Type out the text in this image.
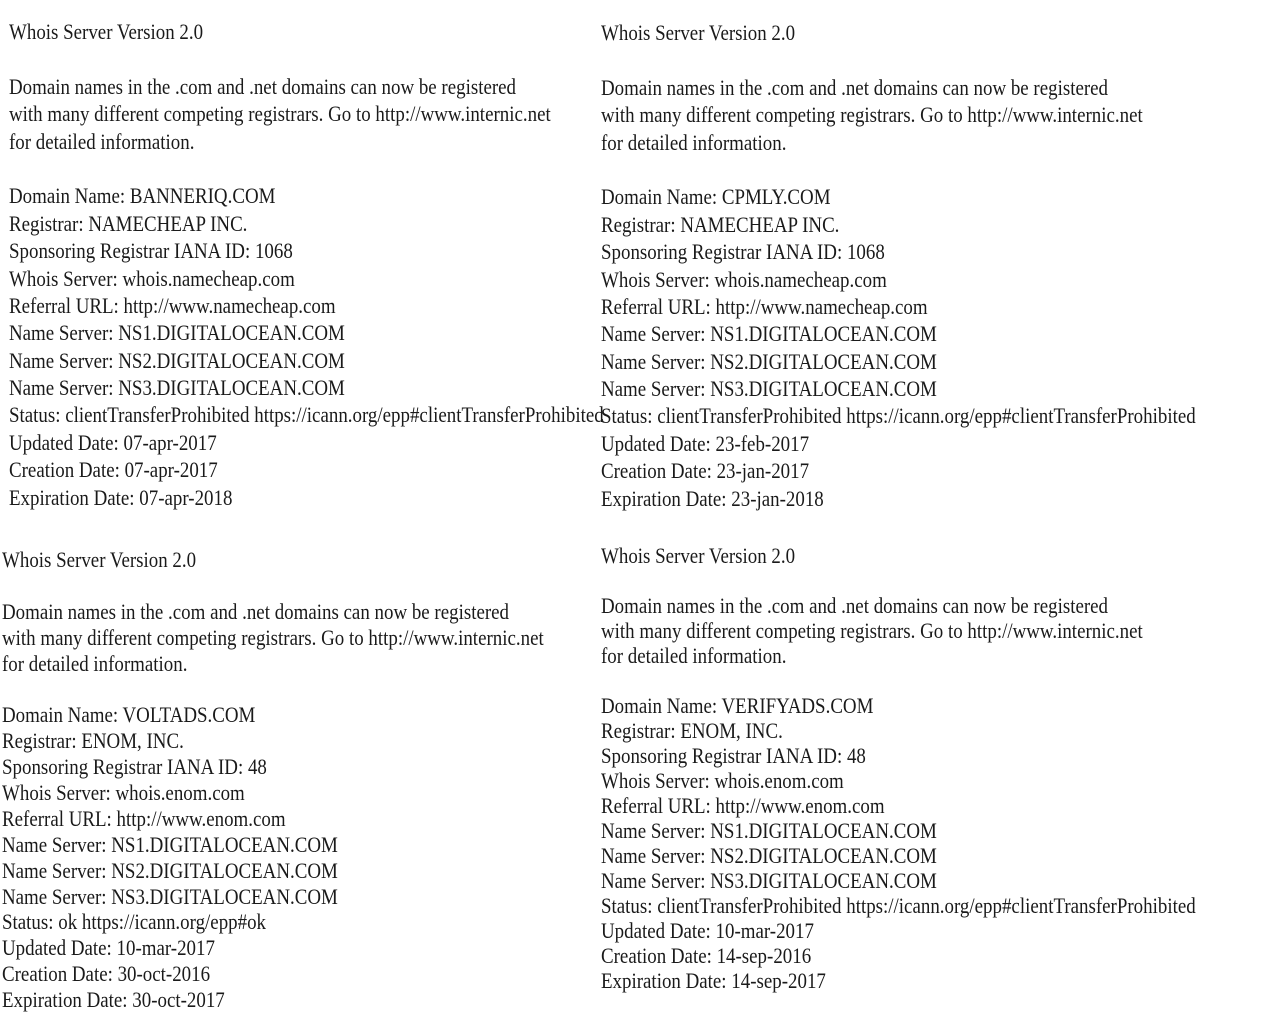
Whois Server Version 2.0
Domain names in the .com and .net domains can now be registered
with many different competing registrars. Go to http://www.internic.net
for detailed information.
Domain Name: BANNERIQ.COM
Registrar: NAMECHEAP INC.
Sponsoring Registrar IANA ID: 1068
Whois Server: whois.namecheap.com
Referral URL: http://www.namecheap.com
Name Server: NS1.DIGITALOCEAN.COM
Name Server: NS2.DIGITALOCEAN.COM
Name Server: NS3.DIGITALOCEAN.COM
Status: clientTransferProhibited https://icann.org/epp#clientTransferProhibited
Updated Date: 07-apr-2017
Creation Date: 07-apr-2017
Expiration Date: 07-apr-2018
Whois Server Version 2.0
Domain names in the .com and .net domains can now be registered
with many different competing registrars. Go to http://www.internic.net
for detailed information.
Domain Name: CPMLY.COM
Registrar: NAMECHEAP INC.
Sponsoring Registrar IANA ID: 1068
Whois Server: whois.namecheap.com
Referral URL: http://www.namecheap.com
Name Server: NS1.DIGITALOCEAN.COM
Name Server: NS2.DIGITALOCEAN.COM
Name Server: NS3.DIGITALOCEAN.COM
Status: clientTransferProhibited https://icann.org/epp#clientTransferProhibited
Updated Date: 23-feb-2017
Creation Date: 23-jan-2017
Expiration Date: 23-jan-2018
Whois Server Version 2.0
Domain names in the .com and .net domains can now be registered
with many different competing registrars. Go to http://www.internic.net
for detailed information.
Domain Name: VOLTADS.COM
Registrar: ENOM, INC.
Sponsoring Registrar IANA ID: 48
Whois Server: whois.enom.com
Referral URL: http://www.enom.com
Name Server: NS1.DIGITALOCEAN.COM
Name Server: NS2.DIGITALOCEAN.COM
Name Server: NS3.DIGITALOCEAN.COM
Status: ok https://icann.org/epp#ok
Updated Date: 10-mar-2017
Creation Date: 30-oct-2016
Expiration Date: 30-oct-2017
Whois Server Version 2.0
Domain names in the .com and .net domains can now be registered
with many different competing registrars. Go to http://www.internic.net
for detailed information.
Domain Name: VERIFYADS.COM
Registrar: ENOM, INC.
Sponsoring Registrar IANA ID: 48
Whois Server: whois.enom.com
Referral URL: http://www.enom.com
Name Server: NS1.DIGITALOCEAN.COM
Name Server: NS2.DIGITALOCEAN.COM
Name Server: NS3.DIGITALOCEAN.COM
Status: clientTransferProhibited https://icann.org/epp#clientTransferProhibited
Updated Date: 10-mar-2017
Creation Date: 14-sep-2016
Expiration Date: 14-sep-2017
